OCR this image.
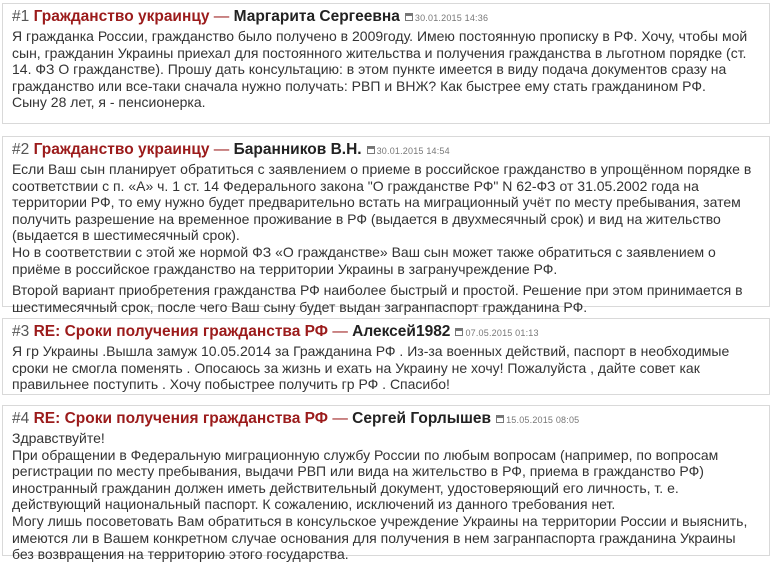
#1 Гражданство украинцу — Маргарита Сергеевна 30.01.2015 14:36

Я гражданка России, гражданство было получено в 2009году. Имею постоянную прописку в РФ. Хочу, чтобы мой сын, гражданин Украины приехал для постоянного жительства и получения гражданства в льготном порядке (ст. 14. ФЗ О гражданстве). Прошу дать консультацию: в этом пункте имеется в виду подача документов сразу на гражданство или все-таки сначала нужно получать: РВП и ВНЖ? Как быстрее ему стать гражданином РФ.

Сыну 28 лет, я - пенсионерка.

#2 Гражданство украинцу — Баранников В.Н. 30.01.2015 14:54

Если Ваш сын планирует обратиться с заявлением о приеме в российское гражданство в упрощённом порядке в соответствии с п. «А» ч. 1 ст. 14 Федерального закона "О гражданстве РФ" N 62-ФЗ от 31.05.2002 года на территории РФ, то ему нужно будет предварительно встать на миграционный учёт по месту пребывания, затем получить разрешение на временное проживание в РФ (выдается в двухмесячный срок) и вид на жительство (выдается в шестимесячный срок).

Но в соответствии с этой же нормой ФЗ «О гражданстве» Ваш сын может также обратиться с заявлением о приёме в российское гражданство на территории Украины в загранучреждение РФ.

Второй вариант приобретения гражданства РФ наиболее быстрый и простой. Решение при этом принимается в шестимесячный срок, после чего Ваш сыну будет выдан загранпаспорт гражданина РФ.

#3 RE: Сроки получения гражданства РФ — Алексей1982 07.05.2015 01:13

Я гр Украины .Вышла замуж 10.05.2014 за Гражданина РФ . Из-за военных действий, паспорт в необходимые сроки не смогла поменять . Опосаюсь за жизнь и ехать на Украину не хочу! Пожалуйста , дайте совет как правильнее поступить . Хочу побыстрее получить гр РФ . Спасибо!

#4 RE: Сроки получения гражданства РФ — Сергей Горлышев 15.05.2015 08:05

Здравствуйте!

При обращении в Федеральную миграционную службу России по любым вопросам (например, по вопросам регистрации по месту пребывания, выдачи РВП или вида на жительство в РФ, приема в гражданство РФ) иностранный гражданин должен иметь действительный документ, удостоверяющий его личность, т. е. действующий национальный паспорт. К сожалению, исключений из данного требования нет.

Могу лишь посоветовать Вам обратиться в консульское учреждение Украины на территории России и выяснить, имеются ли в Вашем конкретном случае основания для получения в нем загранпаспорта гражданина Украины без возвращения на территорию этого государства.
